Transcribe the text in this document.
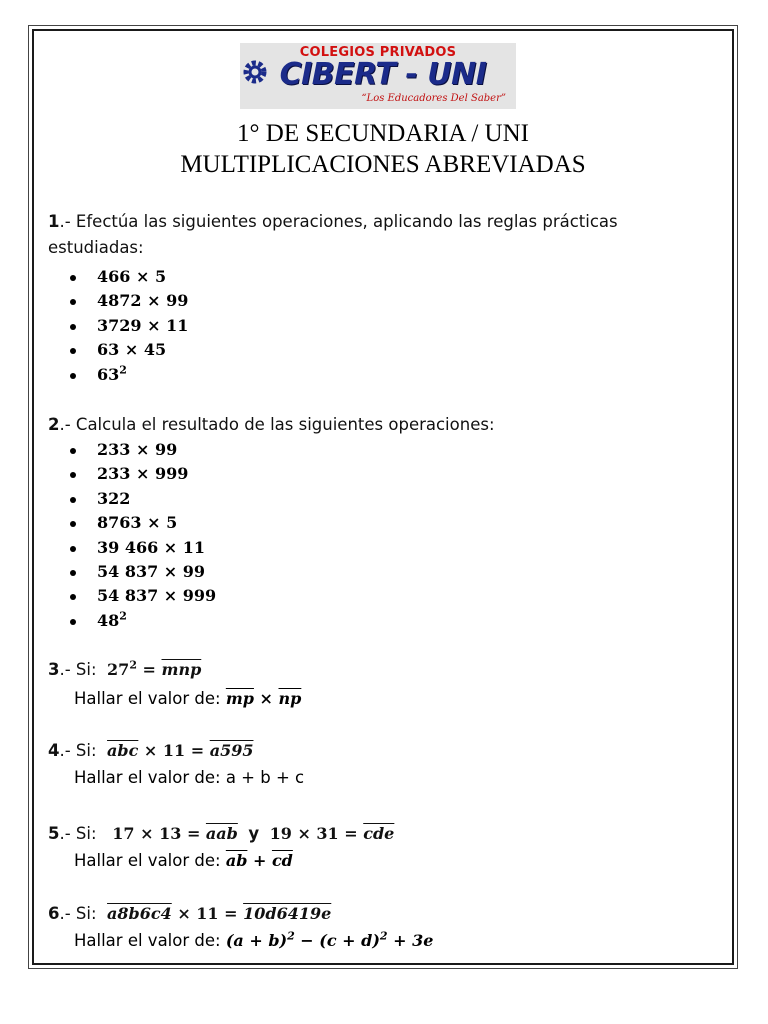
COLEGIOS PRIVADOS
CIBERT - UNI
“Los Educadores Del Saber”
1° DE SECUNDARIA / UNI
MULTIPLICACIONES ABREVIADAS
1.- Efectúa las siguientes operaciones, aplicando las reglas prácticas
estudiadas:
466 × 5
4872 × 99
3729 × 11
63 × 45
$63^2$
2.- Calcula el resultado de las siguientes operaciones:
233 × 99
233 × 999
322
8763 × 5
39 466 × 11
54 837 × 99
54 837 × 999
$48^2$
3.- Si: $27^2 = \overline{mnp}$
Hallar el valor de: $\overline{mp} \times \overline{np}$
4.- Si: $\overline{abc} \times 11 = a595$
Hallar el valor de: a + b + c
5.- Si: $17 \times 13 = \overline{aab}$ y $19 \times 31 = \overline{cde}$
Hallar el valor de: $\overline{ab} + \overline{cd}$
6.- Si: a8b6c4 × 11 = 10d6419e
Hallar el valor de: $(a + b)^2 - (c + d)^2 + 3e$
